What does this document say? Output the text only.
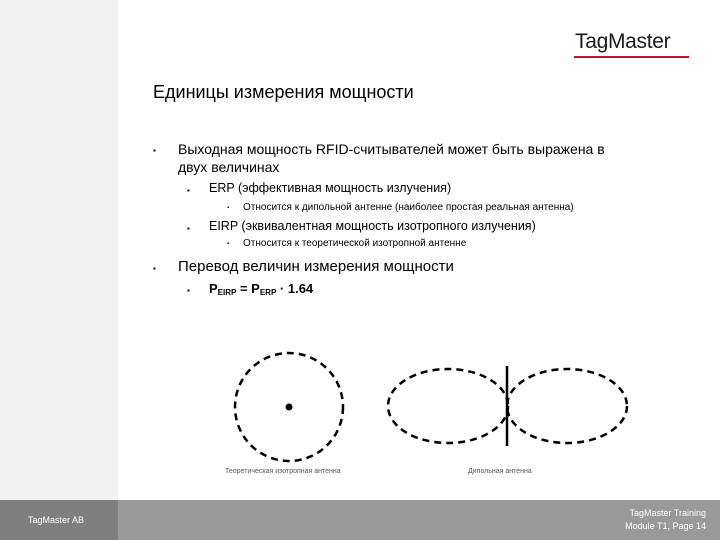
TagMaster
Единицы измерения мощности
▪ Выходная мощность RFID-считывателей может быть выражена в
двух величинах
▪ ERP (эффективная мощность излучения)
▪ Относится к дипольной антенне (наиболее простая реальная антенна)
▪ EIRP (эквивалентная мощность изотропного излучения)
▪ Относится к теоретической изотропной антенне
▪ Перевод величин измерения мощности
▪ $P_{EIRP} = P_{ERP} \cdot 1.64$
Теоретическая изотропная антенна	Дипольная антенна
TagMaster AB
TagMaster Training
Module T1, Page 14
